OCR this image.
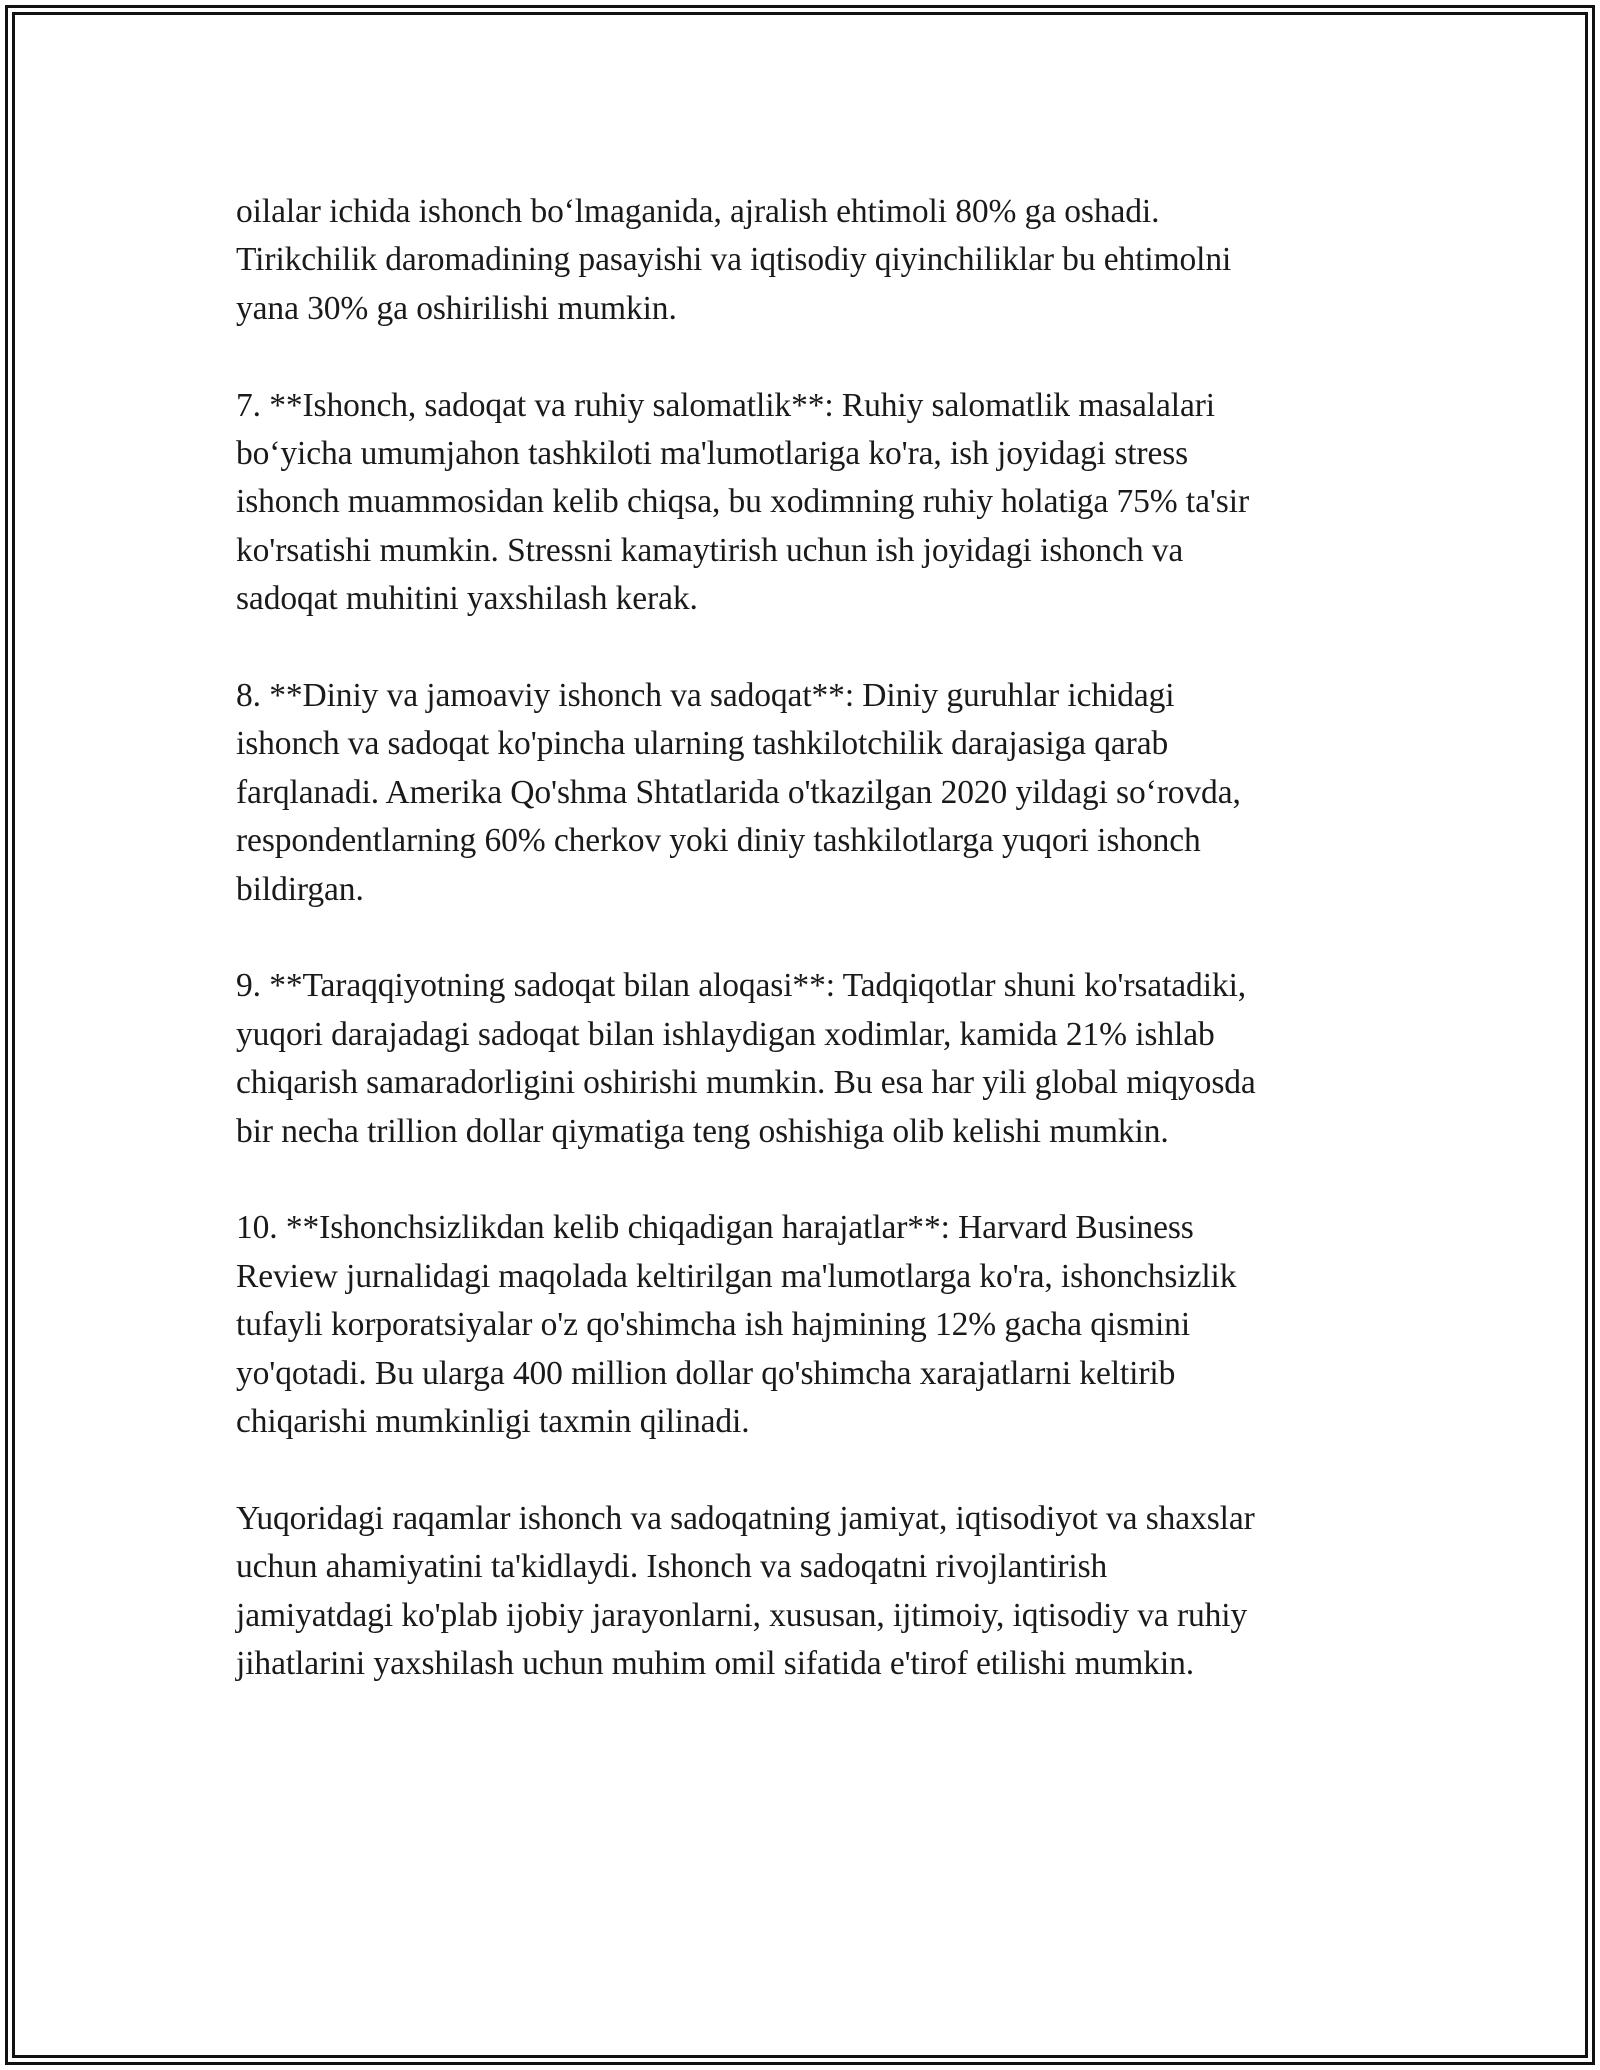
oilalar ichida ishonch bo‘lmaganida, ajralish ehtimoli 80% ga oshadi.
Tirikchilik daromadining pasayishi va iqtisodiy qiyinchiliklar bu ehtimolni
yana 30% ga oshirilishi mumkin.

7. **Ishonch, sadoqat va ruhiy salomatlik**: Ruhiy salomatlik masalalari
bo‘yicha umumjahon tashkiloti ma'lumotlariga ko'ra, ish joyidagi stress
ishonch muammosidan kelib chiqsa, bu xodimning ruhiy holatiga 75% ta'sir
ko'rsatishi mumkin. Stressni kamaytirish uchun ish joyidagi ishonch va
sadoqat muhitini yaxshilash kerak.

8. **Diniy va jamoaviy ishonch va sadoqat**: Diniy guruhlar ichidagi
ishonch va sadoqat ko'pincha ularning tashkilotchilik darajasiga qarab
farqlanadi. Amerika Qo'shma Shtatlarida o'tkazilgan 2020 yildagi so‘rovda,
respondentlarning 60% cherkov yoki diniy tashkilotlarga yuqori ishonch
bildirgan.

9. **Taraqqiyotning sadoqat bilan aloqasi**: Tadqiqotlar shuni ko'rsatadiki,
yuqori darajadagi sadoqat bilan ishlaydigan xodimlar, kamida 21% ishlab
chiqarish samaradorligini oshirishi mumkin. Bu esa har yili global miqyosda
bir necha trillion dollar qiymatiga teng oshishiga olib kelishi mumkin.

10. **Ishonchsizlikdan kelib chiqadigan harajatlar**: Harvard Business
Review jurnalidagi maqolada keltirilgan ma'lumotlarga ko'ra, ishonchsizlik
tufayli korporatsiyalar o'z qo'shimcha ish hajmining 12% gacha qismini
yo'qotadi. Bu ularga 400 million dollar qo'shimcha xarajatlarni keltirib
chiqarishi mumkinligi taxmin qilinadi.

Yuqoridagi raqamlar ishonch va sadoqatning jamiyat, iqtisodiyot va shaxslar
uchun ahamiyatini ta'kidlaydi. Ishonch va sadoqatni rivojlantirish
jamiyatdagi ko'plab ijobiy jarayonlarni, xususan, ijtimoiy, iqtisodiy va ruhiy
jihatlarini yaxshilash uchun muhim omil sifatida e'tirof etilishi mumkin.
